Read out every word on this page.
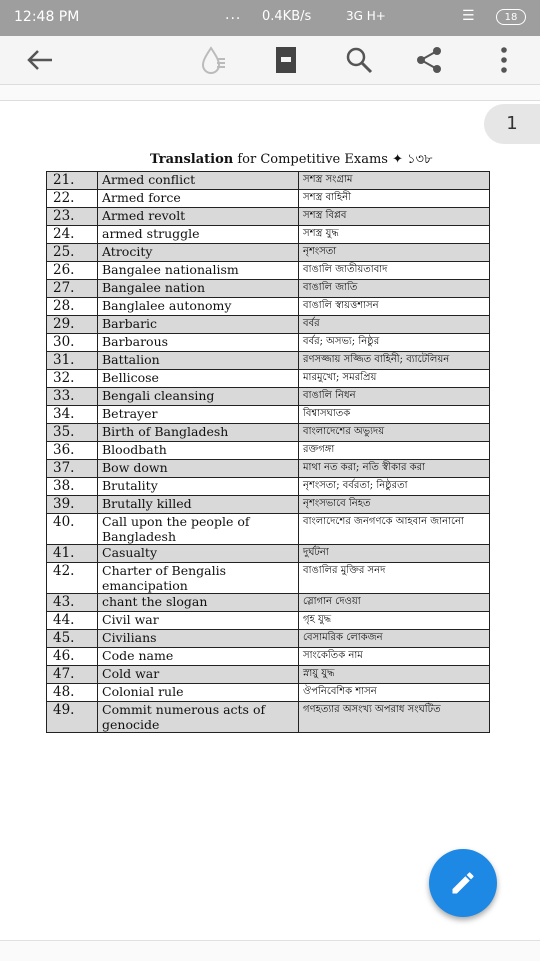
12:48 PM	... 0.4KB/s	3G H+	☰	18
1
Translation for Competitive Exams ✦ ১৩৮
21.	Armed conflict	সশস্ত্র সংগ্রাম
22.	Armed force	সশস্ত্র বাহিনী
23.	Armed revolt	সশস্ত্র বিপ্লব
24.	armed struggle	সশস্ত্র যুদ্ধ
25.	Atrocity	নৃশংসতা
26.	Bangalee nationalism	বাঙালি জাতীয়তাবাদ
27.	Bangalee nation	বাঙালি জাতি
28.	Banglalee autonomy	বাঙালি স্বায়ত্তশাসন
29.	Barbaric	বর্বর
30.	Barbarous	বর্বর; অসভ্য; নিষ্ঠুর
31.	Battalion	রণসজ্জায় সজ্জিত বাহিনী; ব্যাটেলিয়ন
32.	Bellicose	মারমুখো; সমরপ্রিয়
33.	Bengali cleansing	বাঙালি নিধন
34.	Betrayer	বিশ্বাসঘাতক
35.	Birth of Bangladesh	বাংলাদেশের অভ্যুদয়
36.	Bloodbath	রক্তগঙ্গা
37.	Bow down	মাথা নত করা; নতি স্বীকার করা
38.	Brutality	নৃশংসতা; বর্বরতা; নিষ্ঠুরতা
39.	Brutally killed	নৃশংসভাবে নিহত
40.	Call upon the people of Bangladesh	বাংলাদেশের জনগণকে আহবান জানানো
41.	Casualty	দুর্ঘটনা
42.	Charter of Bengalis emancipation	বাঙালির মুক্তির সনদ
43.	chant the slogan	স্লোগান দেওয়া
44.	Civil war	গৃহ যুদ্ধ
45.	Civilians	বেসামরিক লোকজন
46.	Code name	সাংকেতিক নাম
47.	Cold war	স্নায়ু যুদ্ধ
48.	Colonial rule	ঔপনিবেশিক শাসন
49.	Commit numerous acts of genocide	গণহত্যার অসংখ্য অপরাধ সংঘটিত
